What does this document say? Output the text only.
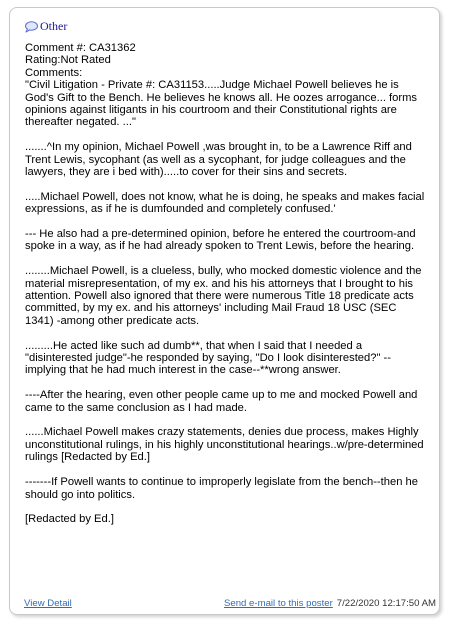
Other

Comment #: CA31362

Rating:Not Rated

Comments:

"Civil Litigation - Private #: CA31153.....Judge Michael Powell believes he is God's Gift to the Bench. He believes he knows all. He oozes arrogance... forms opinions against litigants in his courtroom and their Constitutional rights are thereafter negated. ..."

.......^In my opinion, Michael Powell ,was brought in, to be a Lawrence Riff and Trent Lewis, sycophant (as well as a sycophant, for judge colleagues and the lawyers, they are i bed with).....to cover for their sins and secrets.

.....Michael Powell, does not know, what he is doing, he speaks and makes facial expressions, as if he is dumfounded and completely confused.'

--- He also had a pre-determined opinion, before he entered the courtroom-and spoke in a way, as if he had already spoken to Trent Lewis, before the hearing.

........Michael Powell, is a clueless, bully, who mocked domestic violence and the material misrepresentation, of my ex. and his his attorneys that I brought to his attention. Powell also ignored that there were numerous Title 18 predicate acts committed, by my ex. and his attorneys' including Mail Fraud 18 USC (SEC 1341) -among other predicate acts.

.........He acted like such ad dumb**, that when I said that I needed a "disinterested judge"-he responded by saying, "Do I look disinterested?" --implying that he had much interest in the case--**wrong answer.

----After the hearing, even other people came up to me and mocked Powell and came to the same conclusion as I had made.

......Michael Powell makes crazy statements, denies due process, makes Highly unconstitutional rulings, in his highly unconstitutional hearings..w/pre-determined rulings [Redacted by Ed.]

-------If Powell wants to continue to improperly legislate from the bench--then he should go into politics.

[Redacted by Ed.]

View Detail	Send e-mail to this poster 7/22/2020 12:17:50 AM
